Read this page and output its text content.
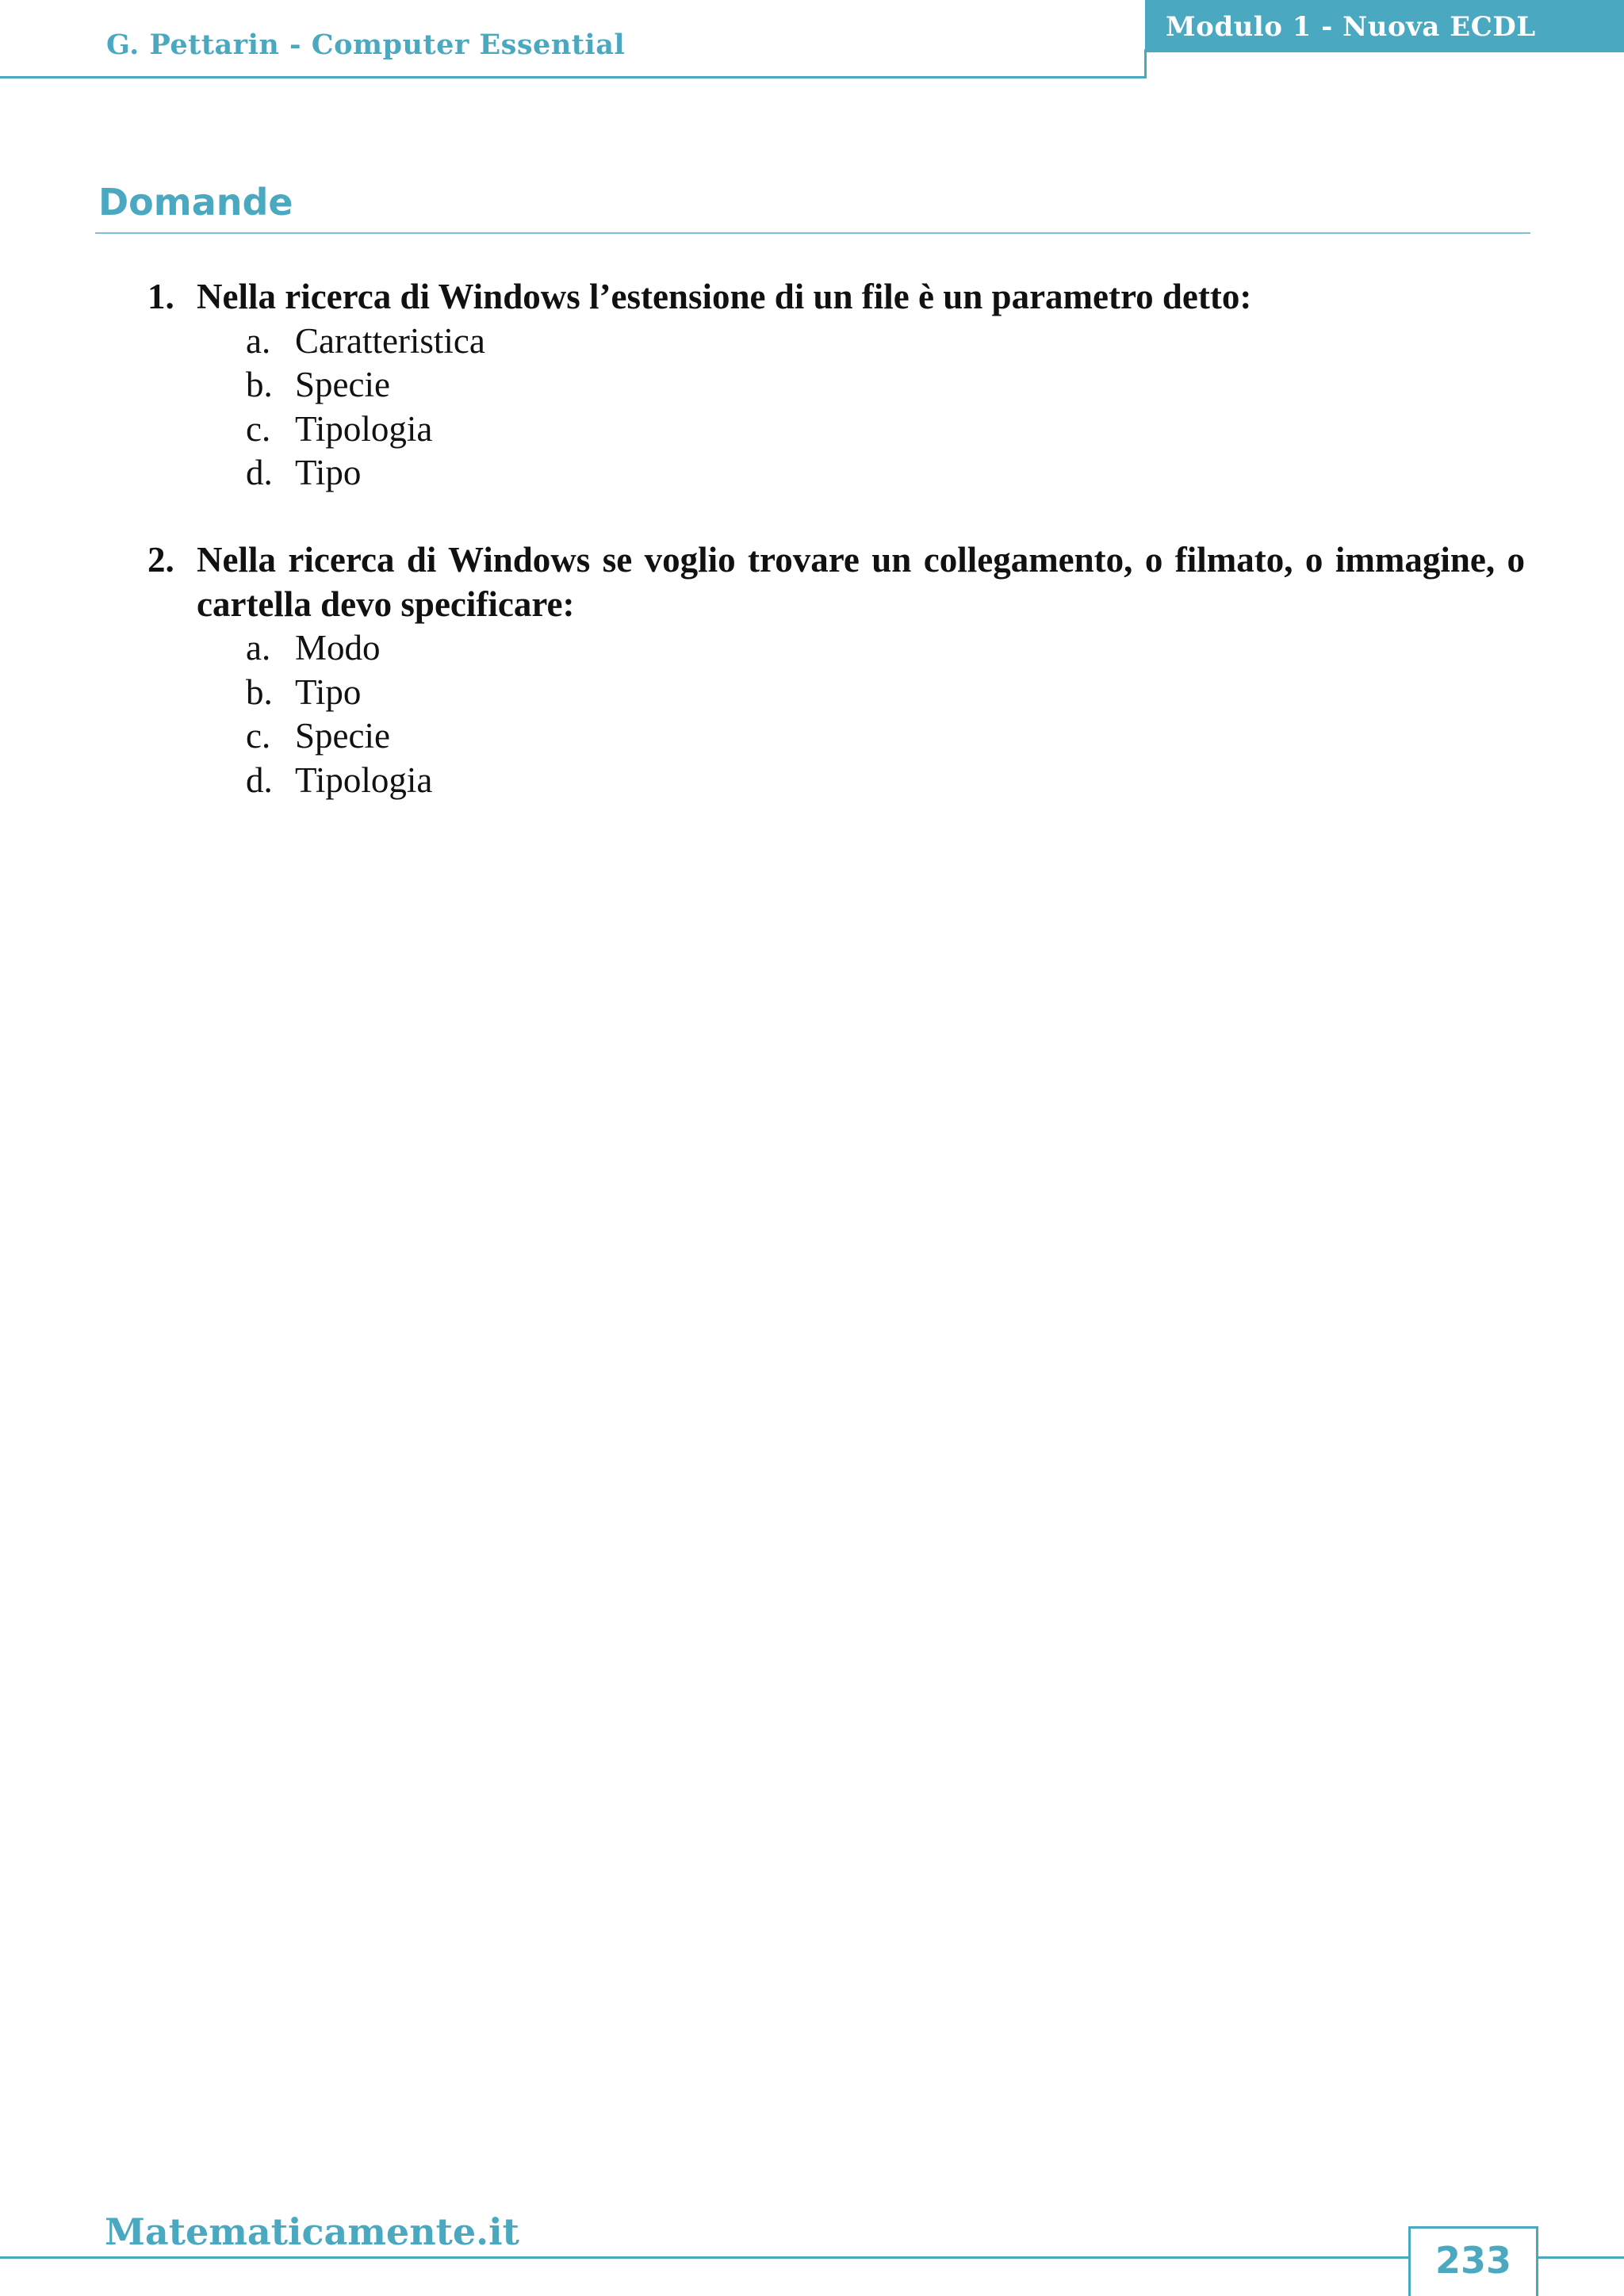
G. Pettarin - Computer Essential
Modulo 1 - Nuova ECDL
Domande
1. Nella ricerca di Windows l’estensione di un file è un parametro detto:
a. Caratteristica
b. Specie
c. Tipologia
d. Tipo
2. Nella ricerca di Windows se voglio trovare un collegamento, o filmato, o immagine, o cartella devo specificare:
a. Modo
b. Tipo
c. Specie
d. Tipologia
Matematicamente.it
233
